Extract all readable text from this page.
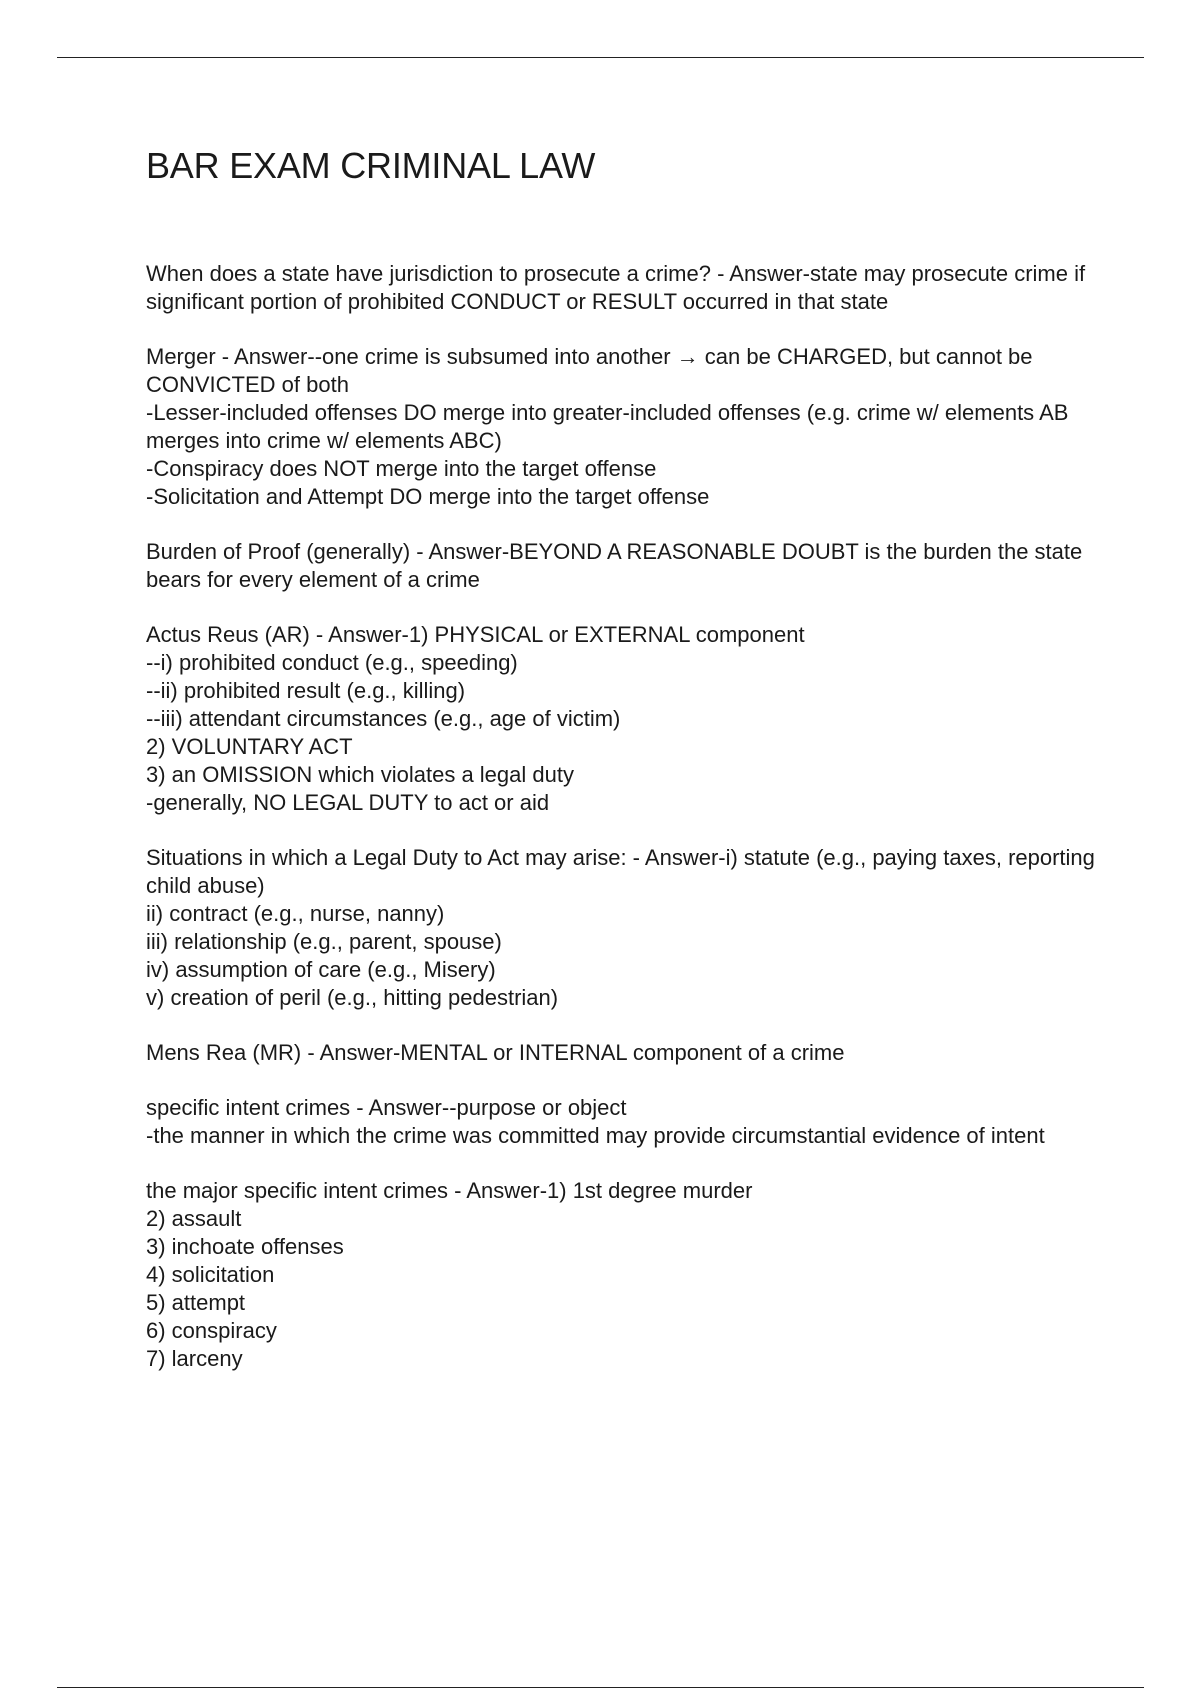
BAR EXAM CRIMINAL LAW

When does a state have jurisdiction to prosecute a crime? - Answer-state may prosecute crime if significant portion of prohibited CONDUCT or RESULT occurred in that state

Merger - Answer--one crime is subsumed into another → can be CHARGED, but cannot be CONVICTED of both

-Lesser-included offenses DO merge into greater-included offenses (e.g. crime w/ elements AB merges into crime w/ elements ABC)

-Conspiracy does NOT merge into the target offense

-Solicitation and Attempt DO merge into the target offense

Burden of Proof (generally) - Answer-BEYOND A REASONABLE DOUBT is the burden the state bears for every element of a crime

Actus Reus (AR) - Answer-1) PHYSICAL or EXTERNAL component

--i) prohibited conduct (e.g., speeding)

--ii) prohibited result (e.g., killing)

--iii) attendant circumstances (e.g., age of victim)

2) VOLUNTARY ACT

3) an OMISSION which violates a legal duty

-generally, NO LEGAL DUTY to act or aid

Situations in which a Legal Duty to Act may arise: - Answer-i) statute (e.g., paying taxes, reporting child abuse)

ii) contract (e.g., nurse, nanny)

iii) relationship (e.g., parent, spouse)

iv) assumption of care (e.g., Misery)

v) creation of peril (e.g., hitting pedestrian)

Mens Rea (MR) - Answer-MENTAL or INTERNAL component of a crime

specific intent crimes - Answer--purpose or object

-the manner in which the crime was committed may provide circumstantial evidence of intent

the major specific intent crimes - Answer-1) 1st degree murder

2) assault

3) inchoate offenses

4) solicitation

5) attempt

6) conspiracy

7) larceny
